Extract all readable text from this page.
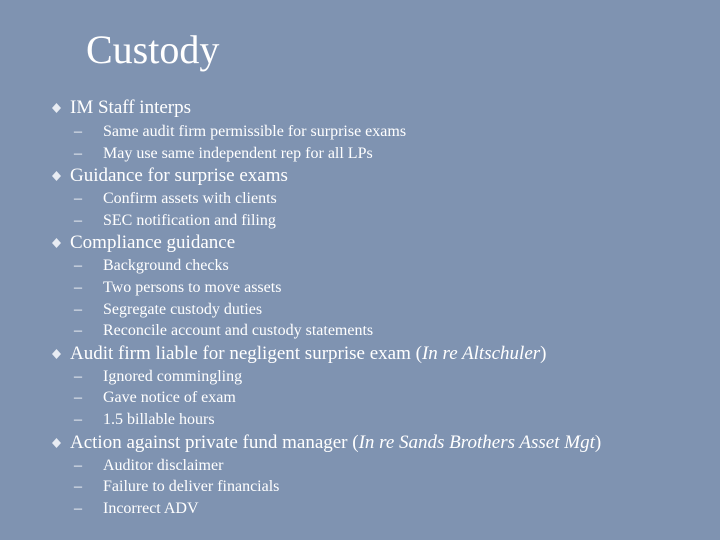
Custody
IM Staff interps
– Same audit firm permissible for surprise exams
– May use same independent rep for all LPs
Guidance for surprise exams
– Confirm assets with clients
– SEC notification and filing
Compliance guidance
– Background checks
– Two persons to move assets
– Segregate custody duties
– Reconcile account and custody statements
Audit firm liable for negligent surprise exam (In re Altschuler)
– Ignored commingling
– Gave notice of exam
– 1.5 billable hours
Action against private fund manager (In re Sands Brothers Asset Mgt)
– Auditor disclaimer
– Failure to deliver financials
– Incorrect ADV
